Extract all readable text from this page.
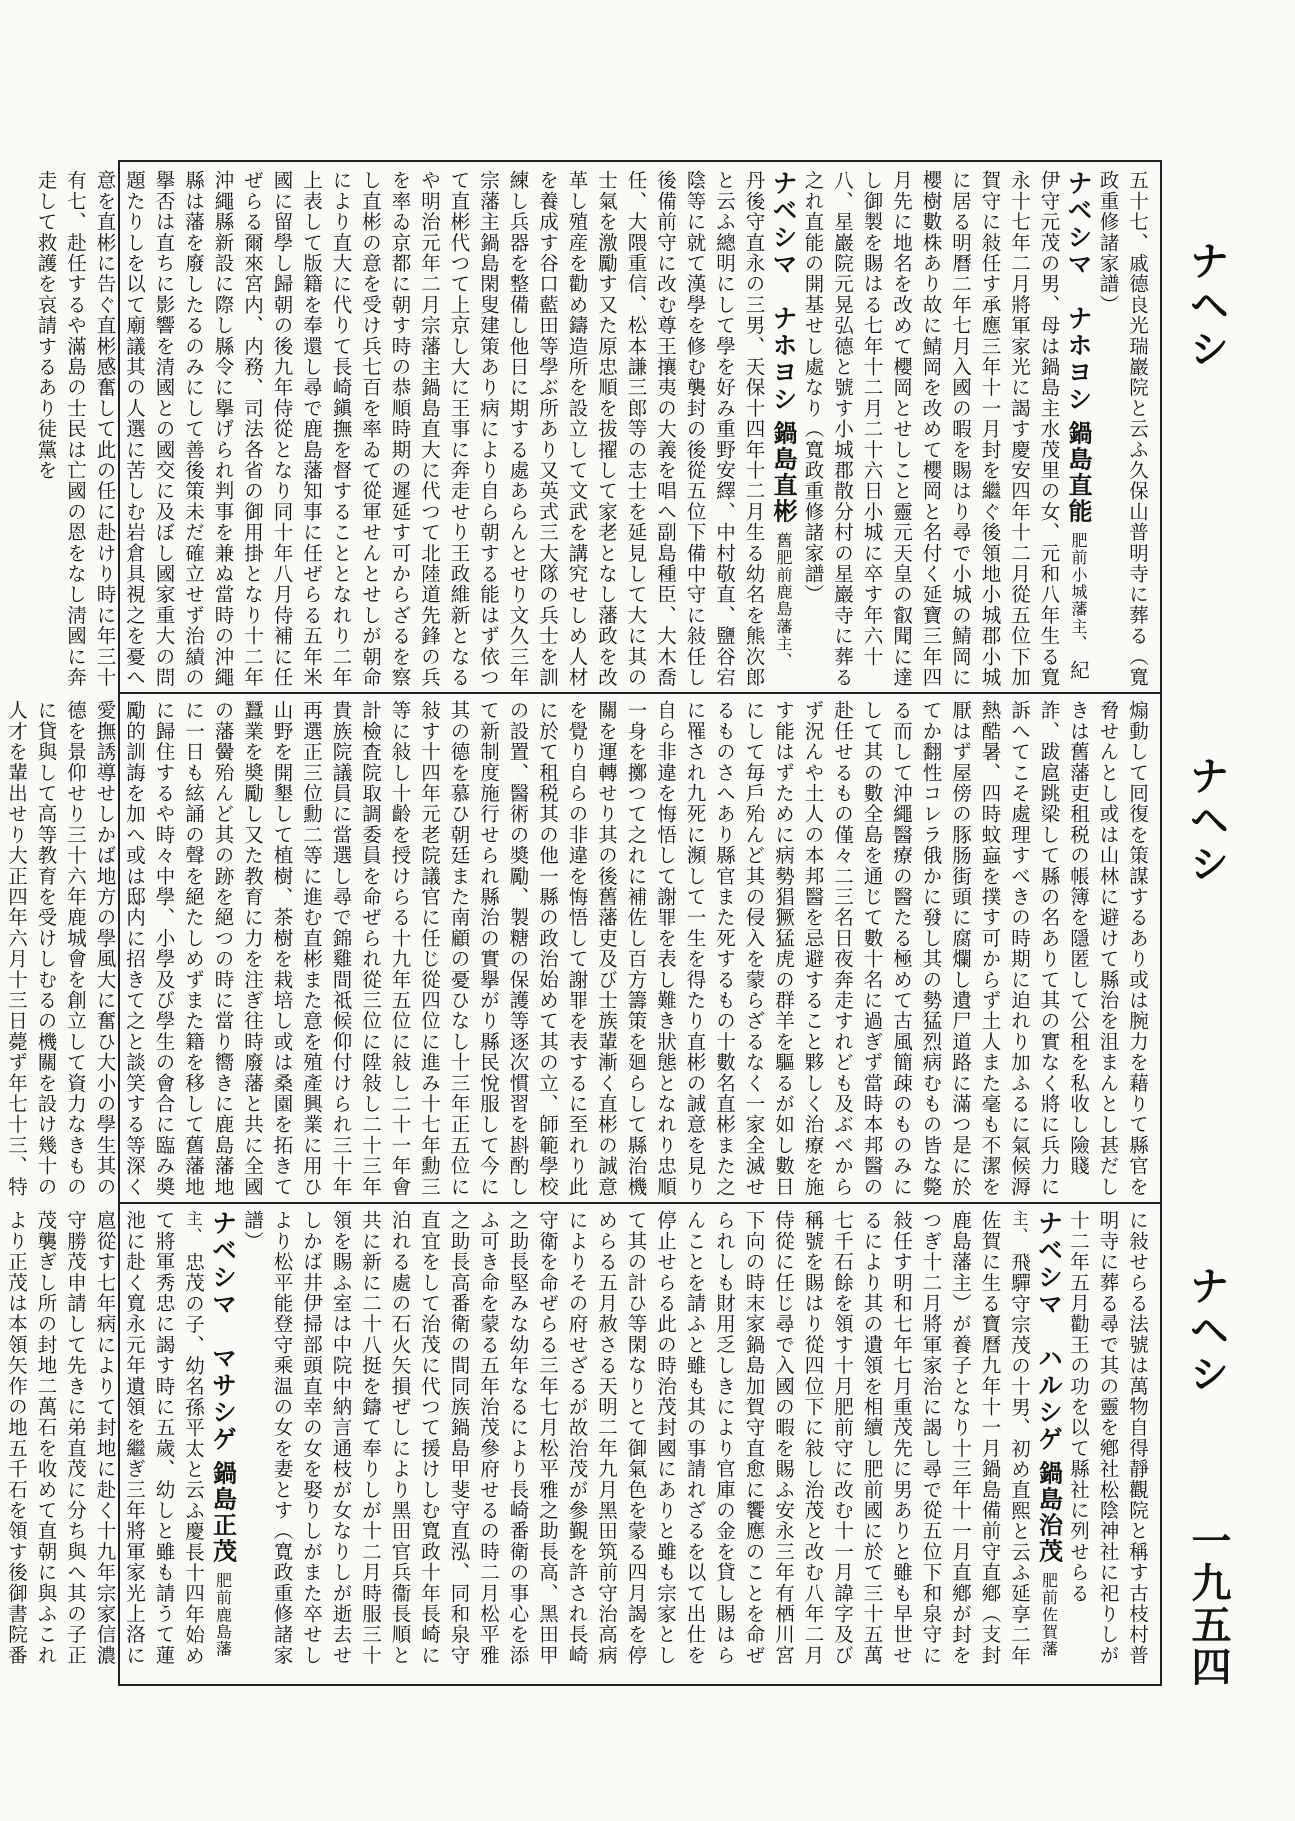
ナヘシ
ナヘシ
ナヘシ
一九五四

五十七、戚德良光瑞巖院と云ふ久保山普明寺に葬る（寬政重修諸家譜）

ナベシマ　ナホヨシ 鍋島直能 肥前小城藩主、 紀伊守元茂の男、母は鍋島主水茂里の女、元和八年生る寬永十七年二月將軍家光に謁す慶安四年十二月從五位下加賀守に敍任す承應三年十一月封を繼ぐ後領地小城郡小城に居る明曆二年七月入國の暇を賜はり尋で小城の鯖岡に櫻樹數株あり故に鯖岡を改めて櫻岡と名付く延寶三年四月先に地名を改めて櫻岡とせしこと靈元天皇の叡聞に達し御製を賜はる七年十二月二十六日小城に卒す年六十八、星巖院元晃弘德と號す小城郡散分村の星巖寺に葬る之れ直能の開基せし處なり（寬政重修諸家譜）

ナベシマ　ナホヨシ 鍋島直彬 舊肥前鹿島藩主、 丹後守直永の三男、天保十四年十二月生る幼名を熊次郎と云ふ總明にして學を好み重野安繹、中村敬直、鹽谷宕陰等に就て漢學を修む襲封の後從五位下備中守に敍任し後備前守に改む尊王攘夷の大義を唱へ副島種臣、大木喬任、大隈重信、松本謙三郎等の志士を延見して大に其の士氣を激勵す又た原忠順を拔擢して家老となし藩政を改革し殖産を勸め鑄造所を設立して文武を講究せしめ人材を養成す谷口藍田等學ぶ所あり又英式三大隊の兵士を訓練し兵器を整備し他日に期する處あらんとせり文久三年宗藩主鍋島閑叟建策あり病により自ら朝する能はず依つて直彬代つて上京し大に王事に奔走せり王政維新となるや明治元年二月宗藩主鍋島直大に代つて北陸道先鋒の兵を率ゐ京都に朝す時の恭順時期の遲延す可からざるを察し直彬の意を受け兵七百を率ゐて從軍せんとせしが朝命により直大に代りて長崎鎭撫を督することとなれり二年上表して版籍を奉還し尋で鹿島藩知事に任ぜらる五年米國に留學し歸朝の後九年侍從となり同十年八月侍補に任ぜらる爾來宮内、内務、司法各省の御用掛となり十二年沖繩縣新設に際し縣令に擧げられ判事を兼ぬ當時の沖繩縣は藩を廢したるのみにして善後策未だ確立せず治績の擧否は直ちに影響を清國との國交に及ぼし國家重大の問題たりしを以て廟議其の人選に苦しむ岩倉具視之を憂へ意を直彬に告ぐ直彬感奮して此の任に赴けり時に年三十有七、赴任するや滿島の士民は亡國の恩をなし淸國に奔走して救護を哀請するあり徒黨を

煽動して囘復を策謀するあり或は腕力を藉りて縣官を脅せんとし或は山林に避けて縣治を沮まんとし甚だしきは舊藩吏租税の帳簿を隱匿して公租を私收し險賤詐、跋扈跳梁して縣の名ありて其の實なく將に兵力に訴へてこそ處理すべきの時期に迫れり加ふるに氣候溽熱酷暑、四時蚊蝱を撲す可からず土人また毫も不潔を厭はず屋傍の豚肠街頭に腐爛し遺尸道路に滿つ是に於てか翻性コレラ俄かに發し其の勢猛烈病むもの皆な斃る而して沖繩醫療の醫たる極めて古風簡疎のものみにして其の數全島を通じて數十名に過ぎず當時本邦醫の赴任せるもの僅々二三名日夜奔走すれども及ぶべからず況んや土人の本邦醫を忌避すること夥しく治療を施す能はずために病勢猖獗猛虎の群羊を驅るが如し數日にして毎戶殆んど其の侵入を蒙らざるなく一家全滅せるものさへあり縣官また死するもの十數名直彬また之に罹され九死に瀕して一生を得たり直彬の誠意を見り自ら非違を悔悟して謝罪を表し難き狀態となれり忠順一身を擲つて之れに補佐し百方籌策を廻らして縣治機關を運轉せり其の後舊藩吏及び士族輩漸く直彬の誠意を覺り自らの非違を悔悟して謝罪を表するに至れり此に於て租税其の他一縣の政治始めて其の立、師範學校の設置、醫術の奬勵、製糖の保護等逐次慣習を斟酌して新制度施行せられ縣治の實擧がり縣民悅服して今に其の德を慕ひ朝廷また南顧の憂ひなし十三年正五位に敍す十四年元老院議官に任じ從四位に進み十七年勳三等に敍し十齡を授けらる十九年五位に敍し二十一年會計檢査院取調委員を命ぜられ從三位に陞敍し二十三年貴族院議員に當選し尋で錦雞間祗候仰付けられ三十年再選正三位勳二等に進む直彬また意を殖產興業に用ひ山野を開墾して植樹、茶樹を栽培し或は桑園を拓きて蠶業を奬勵し又た教育に力を注ぎ往時廢藩と共に全國の藩黌殆んど其の跡を絕つの時に當り嚮きに鹿島藩地に一日も絃誦の聲を絕たしめずまた籍を移して舊藩地に歸住するや時々中學、小學及び學生の會合に臨み奬勵的訓誨を加へ或は邸内に招きて之と談笑する等深く愛撫誘導せしかば地方の學風大に奮ひ大小の學生其の德を景仰せり三十六年鹿城會を創立して資力なきものに貸與して高等教育を受けしむるの機關を設け幾十の人才を輩出せり大正四年六月十三日薨ず年七十三、特

に敍せらる法號は萬物自得靜觀院と稱す古枝村普明寺に葬る尋で其の靈を鄕社松陰神社に祀りしが十二年五月勸王の功を以て縣社に列せらる

ナベシマ　ハルシゲ 鍋島治茂 肥前佐賀藩主、 飛驒守宗茂の十男、初め直熙と云ふ延享二年佐賀に生る寶曆九年十一月鍋島備前守直鄕（支封鹿島藩主）が養子となり十三年十一月直鄕が封をつぎ十二月將軍家治に謁し尋で從五位下和泉守に敍任す明和七年七月重茂先に男ありと雖も早世せるにより其の遺領を相續し肥前國に於て三十五萬七千石餘を領す十月肥前守に改む十一月諱字及び稱號を賜はり從四位下に敍し治茂と改む八年二月侍從に任じ尋で入國の暇を賜ふ安永三年有栖川宮下向の時末家鍋島加賀守直愈に饗應のことを命ぜられしも財用乏しきにより官庫の金を貸し賜はらんことを請ふと雖も其の事請れざるを以て出仕を停止せらる此の時治茂封國にありと雖も宗家として其の計ひ等閑なりとて御氣色を蒙る四月謁を停めらる五月赦さる天明二年九月黑田筑前守治高病によりその府せざるが故治茂が參覲を許され長崎守衛を命ぜらる三年七月松平雅之助長高、黑田甲之助長堅みな幼年なるにより長崎番衛の事心を添ふ可き命を蒙る五年治茂參府せるの時二月松平雅之助長高番衛の間同族鍋島甲斐守直泓、同和泉守直宜をして治茂に代つて援けしむ寬政十年長崎に泊れる處の石火矢損ぜしにより黑田官兵衞長順と共に新に二十八挺を鑄て奉りしが十二月時服三十領を賜ふ室は中院中納言通枝が女なりしが逝去せしかば井伊掃部頭直幸の女を娶りしがまた卒せしより松平能登守乘温の女を妻とす（寬政重修諸家譜）

ナベシマ　マサシゲ 鍋島正茂 肥前鹿島藩主、 忠茂の子、幼名孫平太と云ふ慶長十四年始めて將軍秀忠に謁す時に五歲、幼しと雖も請うて蓮池に赴く寬永元年遺領を繼ぎ三年將軍家光上洛に扈從す七年病によりて封地に赴く十九年宗家信濃守勝茂申請して先きに弟直茂に分ち與へ其の子正茂襲ぎし所の封地二萬石を收めて直朝に與ふこれより正茂は本領矢作の地五千石を領す後御書院番
